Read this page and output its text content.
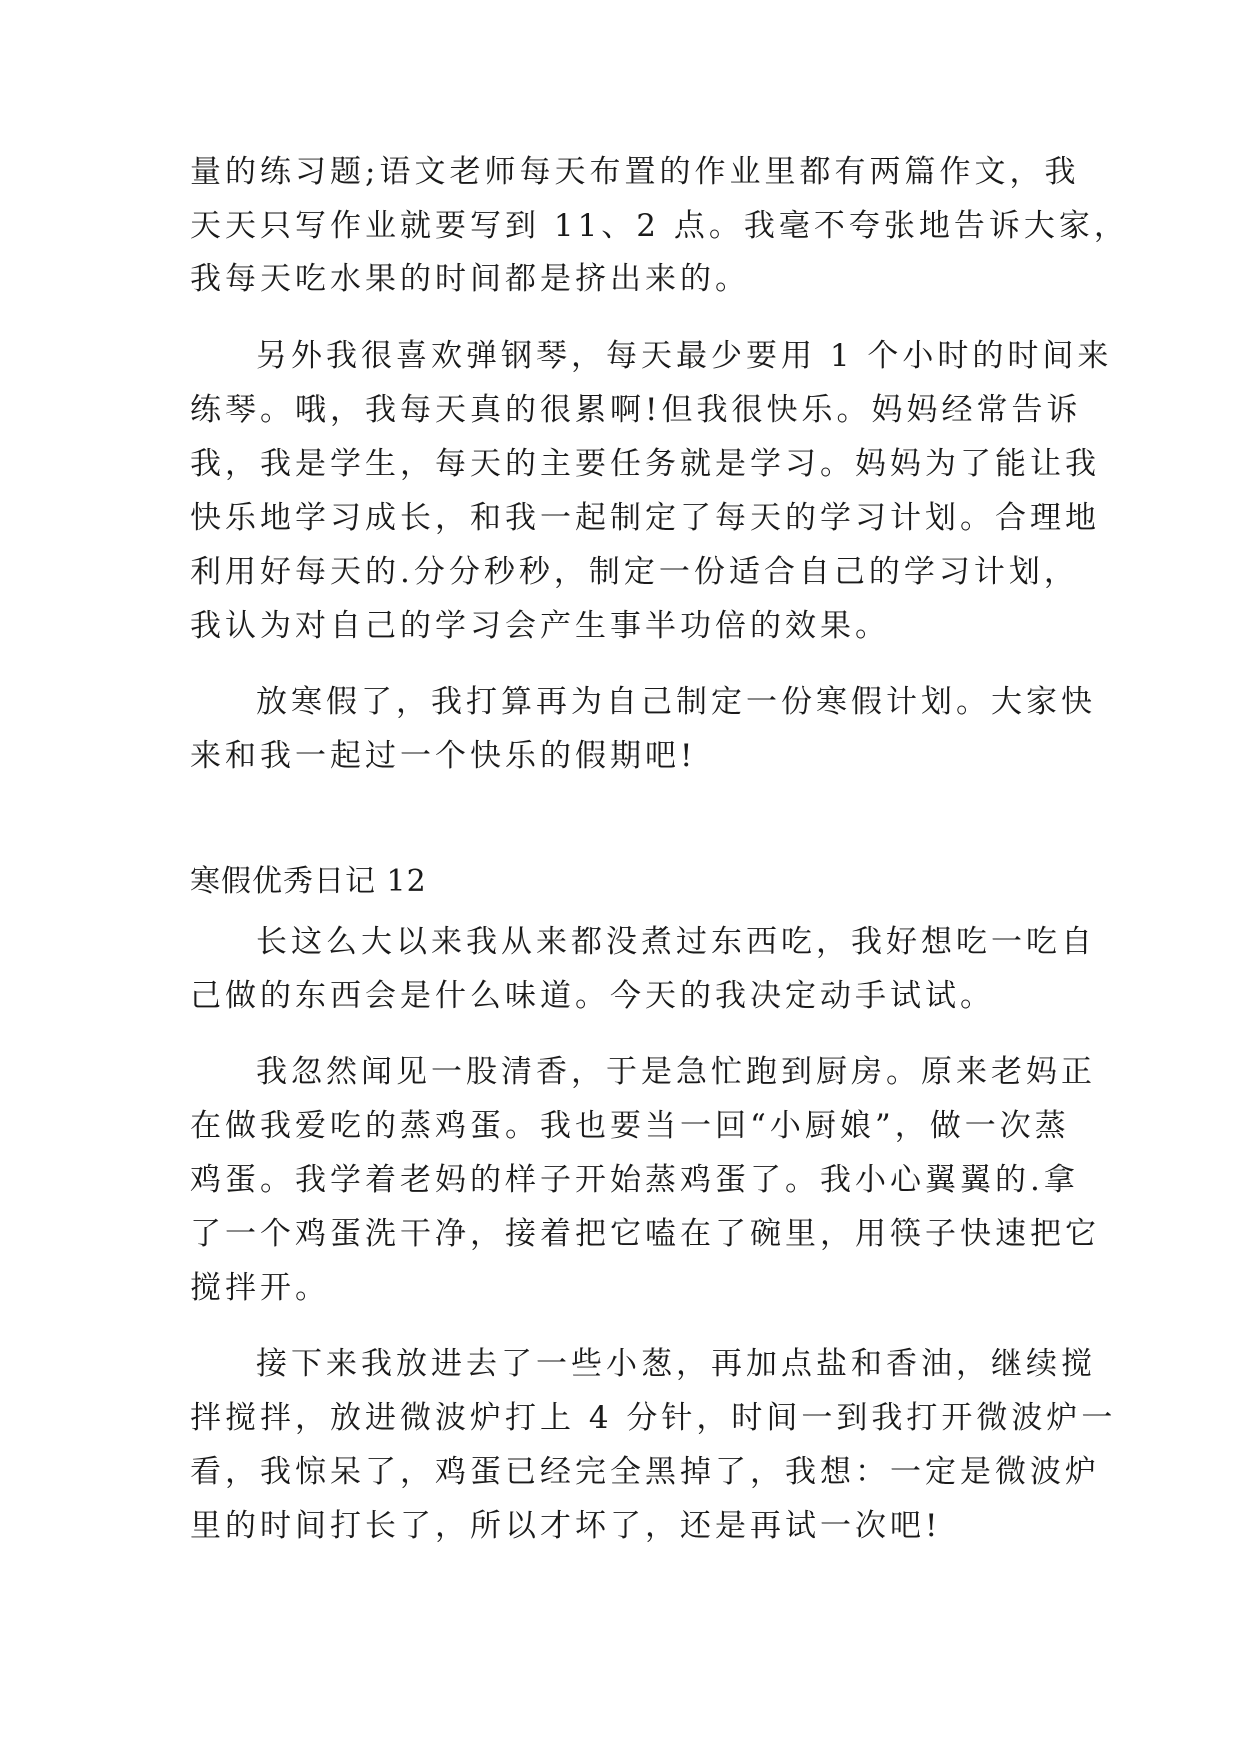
量的练习题;语文老师每天布置的作业里都有两篇作文，我
天天只写作业就要写到 11、2 点。我毫不夸张地告诉大家，
我每天吃水果的时间都是挤出来的。
另外我很喜欢弹钢琴，每天最少要用 1 个小时的时间来
练琴。哦，我每天真的很累啊!但我很快乐。妈妈经常告诉
我，我是学生，每天的主要任务就是学习。妈妈为了能让我
快乐地学习成长，和我一起制定了每天的学习计划。合理地
利用好每天的.分分秒秒，制定一份适合自己的学习计划，
我认为对自己的学习会产生事半功倍的效果。
放寒假了，我打算再为自己制定一份寒假计划。大家快
来和我一起过一个快乐的假期吧!
寒假优秀日记 12
长这么大以来我从来都没煮过东西吃，我好想吃一吃自
己做的东西会是什么味道。今天的我决定动手试试。
我忽然闻见一股清香，于是急忙跑到厨房。原来老妈正
在做我爱吃的蒸鸡蛋。我也要当一回“小厨娘”，做一次蒸
鸡蛋。我学着老妈的样子开始蒸鸡蛋了。我小心翼翼的.拿
了一个鸡蛋洗干净，接着把它嗑在了碗里，用筷子快速把它
搅拌开。
接下来我放进去了一些小葱，再加点盐和香油，继续搅
拌搅拌，放进微波炉打上 4 分针，时间一到我打开微波炉一
看，我惊呆了，鸡蛋已经完全黑掉了，我想：一定是微波炉
里的时间打长了，所以才坏了，还是再试一次吧!
